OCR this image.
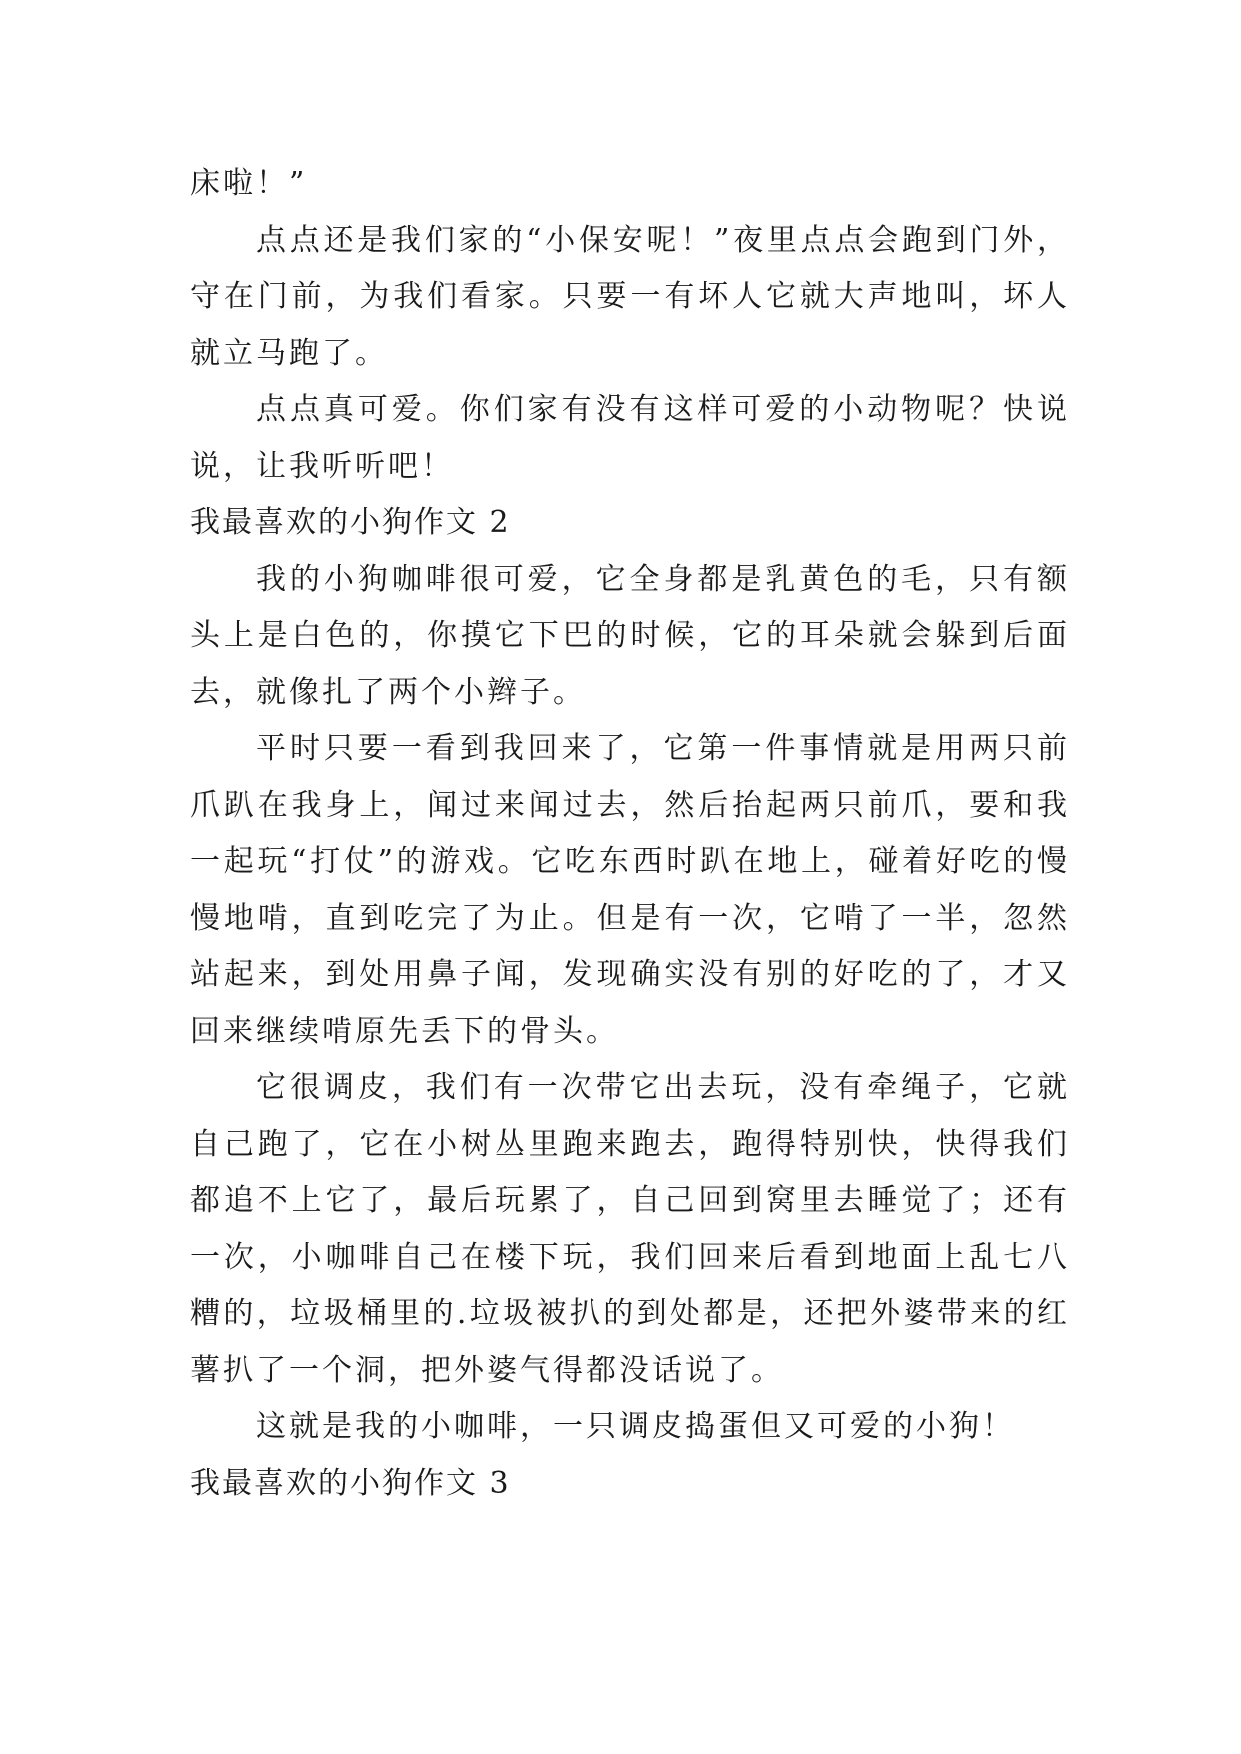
床啦！”

点点还是我们家的“小保安呢！”夜里点点会跑到门外，守在门前，为我们看家。只要一有坏人它就大声地叫，坏人就立马跑了。

点点真可爱。你们家有没有这样可爱的小动物呢？快说说，让我听听吧！

我最喜欢的小狗作文 2

我的小狗咖啡很可爱，它全身都是乳黄色的毛，只有额头上是白色的，你摸它下巴的时候，它的耳朵就会躲到后面去，就像扎了两个小辫子。

平时只要一看到我回来了，它第一件事情就是用两只前爪趴在我身上，闻过来闻过去，然后抬起两只前爪，要和我一起玩“打仗”的游戏。它吃东西时趴在地上，碰着好吃的慢慢地啃，直到吃完了为止。但是有一次，它啃了一半，忽然站起来，到处用鼻子闻，发现确实没有别的好吃的了，才又回来继续啃原先丢下的骨头。

它很调皮，我们有一次带它出去玩，没有牵绳子，它就自己跑了，它在小树丛里跑来跑去，跑得特别快，快得我们都追不上它了，最后玩累了，自己回到窝里去睡觉了；还有一次，小咖啡自己在楼下玩，我们回来后看到地面上乱七八糟的，垃圾桶里的.垃圾被扒的到处都是，还把外婆带来的红薯扒了一个洞，把外婆气得都没话说了。

这就是我的小咖啡，一只调皮捣蛋但又可爱的小狗！

我最喜欢的小狗作文 3
